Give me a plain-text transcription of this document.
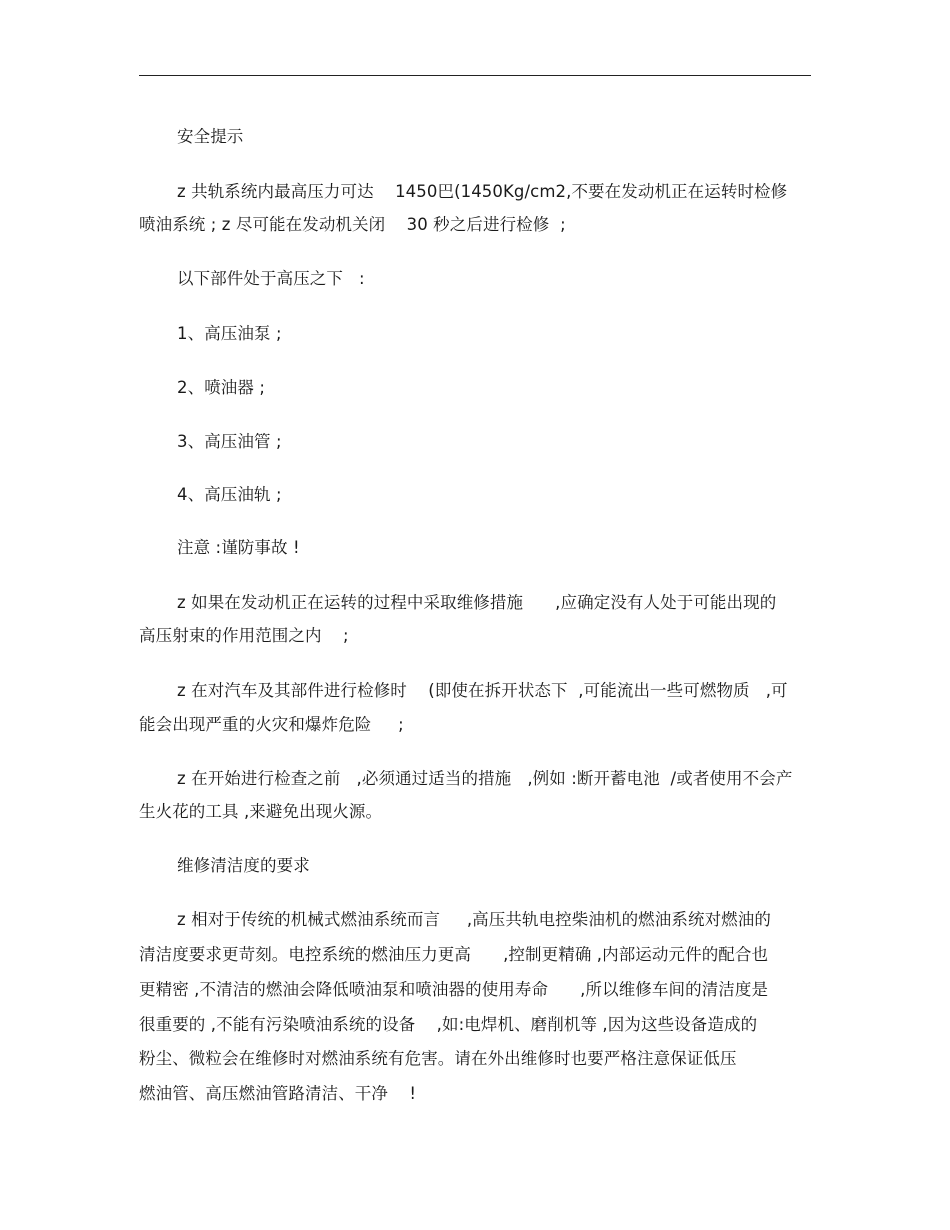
安全提示
z 共轨系统内最高压力可达    1450巴(1450Kg/cm2,不要在发动机正在运转时检修
喷油系统 ; z 尽可能在发动机关闭    30 秒之后进行检修  ;
以下部件处于高压之下   :
1、高压油泵 ;
2、喷油器 ;
3、高压油管 ;
4、高压油轨 ;
注意 :谨防事故 !
z 如果在发动机正在运转的过程中采取维修措施      ,应确定没有人处于可能出现的
高压射束的作用范围之内    ;
z 在对汽车及其部件进行检修时    (即使在拆开状态下  ,可能流出一些可燃物质   ,可
能会出现严重的火灾和爆炸危险     ;
z 在开始进行检查之前   ,必须通过适当的措施   ,例如 :断开蓄电池  /或者使用不会产
生火花的工具 ,来避免出现火源。
维修清洁度的要求
z 相对于传统的机械式燃油系统而言     ,高压共轨电控柴油机的燃油系统对燃油的
清洁度要求更苛刻。电控系统的燃油压力更高      ,控制更精确 ,内部运动元件的配合也
更精密 ,不清洁的燃油会降低喷油泵和喷油器的使用寿命      ,所以维修车间的清洁度是
很重要的 ,不能有污染喷油系统的设备    ,如:电焊机、磨削机等 ,因为这些设备造成的
粉尘、微粒会在维修时对燃油系统有危害。请在外出维修时也要严格注意保证低压
燃油管、高压燃油管路清洁、干净    !
